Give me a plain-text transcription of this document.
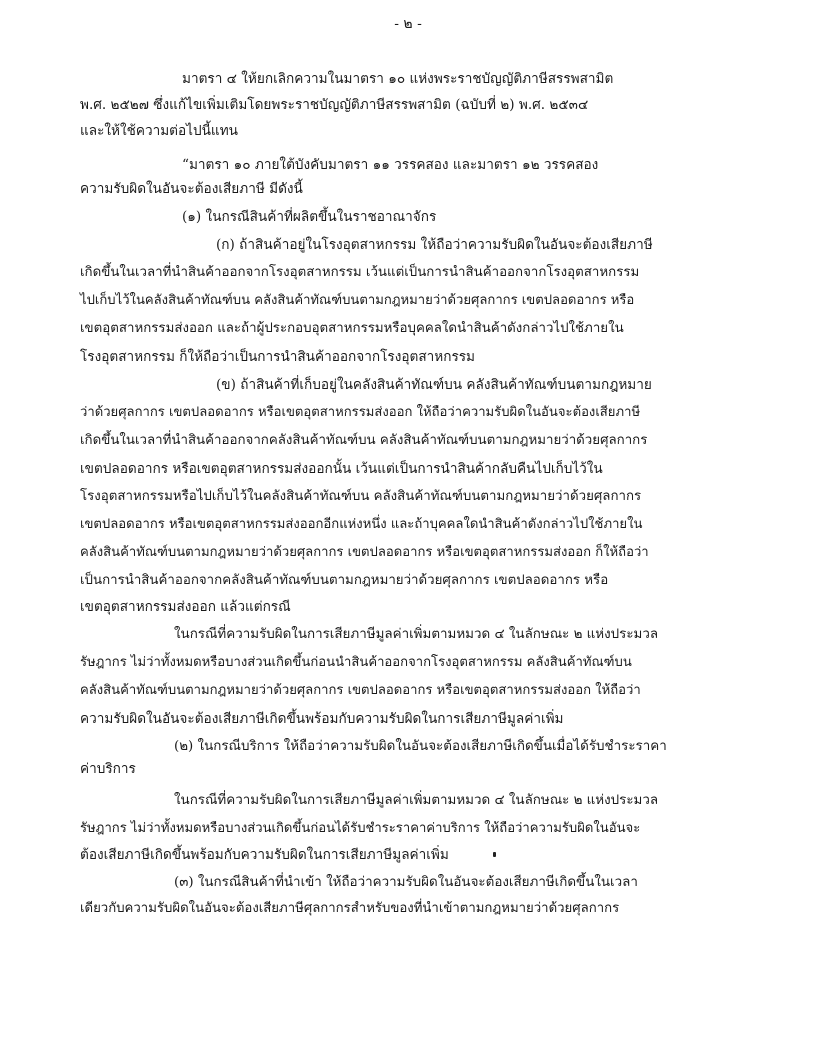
- ๒ -
มาตรา ๔ ให้ยกเลิกความในมาตรา ๑๐ แห่งพระราชบัญญัติภาษีสรรพสามิต
พ.ศ. ๒๕๒๗ ซึ่งแก้ไขเพิ่มเติมโดยพระราชบัญญัติภาษีสรรพสามิต (ฉบับที่ ๒) พ.ศ. ๒๕๓๔
และให้ใช้ความต่อไปนี้แทน
“มาตรา ๑๐ ภายใต้บังคับมาตรา ๑๑ วรรคสอง และมาตรา ๑๒ วรรคสอง
ความรับผิดในอันจะต้องเสียภาษี มีดังนี้
(๑) ในกรณีสินค้าที่ผลิตขึ้นในราชอาณาจักร
(ก) ถ้าสินค้าอยู่ในโรงอุตสาหกรรม ให้ถือว่าความรับผิดในอันจะต้องเสียภาษี
เกิดขึ้นในเวลาที่นำสินค้าออกจากโรงอุตสาหกรรม เว้นแต่เป็นการนำสินค้าออกจากโรงอุตสาหกรรม
ไปเก็บไว้ในคลังสินค้าทัณฑ์บน คลังสินค้าทัณฑ์บนตามกฎหมายว่าด้วยศุลกากร เขตปลอดอากร หรือ
เขตอุตสาหกรรมส่งออก และถ้าผู้ประกอบอุตสาหกรรมหรือบุคคลใดนำสินค้าดังกล่าวไปใช้ภายใน
โรงอุตสาหกรรม ก็ให้ถือว่าเป็นการนำสินค้าออกจากโรงอุตสาหกรรม
(ข) ถ้าสินค้าที่เก็บอยู่ในคลังสินค้าทัณฑ์บน คลังสินค้าทัณฑ์บนตามกฎหมาย
ว่าด้วยศุลกากร เขตปลอดอากร หรือเขตอุตสาหกรรมส่งออก ให้ถือว่าความรับผิดในอันจะต้องเสียภาษี
เกิดขึ้นในเวลาที่นำสินค้าออกจากคลังสินค้าทัณฑ์บน คลังสินค้าทัณฑ์บนตามกฎหมายว่าด้วยศุลกากร
เขตปลอดอากร หรือเขตอุตสาหกรรมส่งออกนั้น เว้นแต่เป็นการนำสินค้ากลับคืนไปเก็บไว้ใน
โรงอุตสาหกรรมหรือไปเก็บไว้ในคลังสินค้าทัณฑ์บน คลังสินค้าทัณฑ์บนตามกฎหมายว่าด้วยศุลกากร
เขตปลอดอากร หรือเขตอุตสาหกรรมส่งออกอีกแห่งหนึ่ง และถ้าบุคคลใดนำสินค้าดังกล่าวไปใช้ภายใน
คลังสินค้าทัณฑ์บนตามกฎหมายว่าด้วยศุลกากร เขตปลอดอากร หรือเขตอุตสาหกรรมส่งออก ก็ให้ถือว่า
เป็นการนำสินค้าออกจากคลังสินค้าทัณฑ์บนตามกฎหมายว่าด้วยศุลกากร เขตปลอดอากร หรือ
เขตอุตสาหกรรมส่งออก แล้วแต่กรณี
ในกรณีที่ความรับผิดในการเสียภาษีมูลค่าเพิ่มตามหมวด ๔ ในลักษณะ ๒ แห่งประมวล
รัษฎากร ไม่ว่าทั้งหมดหรือบางส่วนเกิดขึ้นก่อนนำสินค้าออกจากโรงอุตสาหกรรม คลังสินค้าทัณฑ์บน
คลังสินค้าทัณฑ์บนตามกฎหมายว่าด้วยศุลกากร เขตปลอดอากร หรือเขตอุตสาหกรรมส่งออก ให้ถือว่า
ความรับผิดในอันจะต้องเสียภาษีเกิดขึ้นพร้อมกับความรับผิดในการเสียภาษีมูลค่าเพิ่ม
(๒) ในกรณีบริการ ให้ถือว่าความรับผิดในอันจะต้องเสียภาษีเกิดขึ้นเมื่อได้รับชำระราคา
ค่าบริการ
ในกรณีที่ความรับผิดในการเสียภาษีมูลค่าเพิ่มตามหมวด ๔ ในลักษณะ ๒ แห่งประมวล
รัษฎากร ไม่ว่าทั้งหมดหรือบางส่วนเกิดขึ้นก่อนได้รับชำระราคาค่าบริการ ให้ถือว่าความรับผิดในอันจะ
ต้องเสียภาษีเกิดขึ้นพร้อมกับความรับผิดในการเสียภาษีมูลค่าเพิ่ม
(๓) ในกรณีสินค้าที่นำเข้า ให้ถือว่าความรับผิดในอันจะต้องเสียภาษีเกิดขึ้นในเวลา
เดียวกับความรับผิดในอันจะต้องเสียภาษีศุลกากรสำหรับของที่นำเข้าตามกฎหมายว่าด้วยศุลกากร
